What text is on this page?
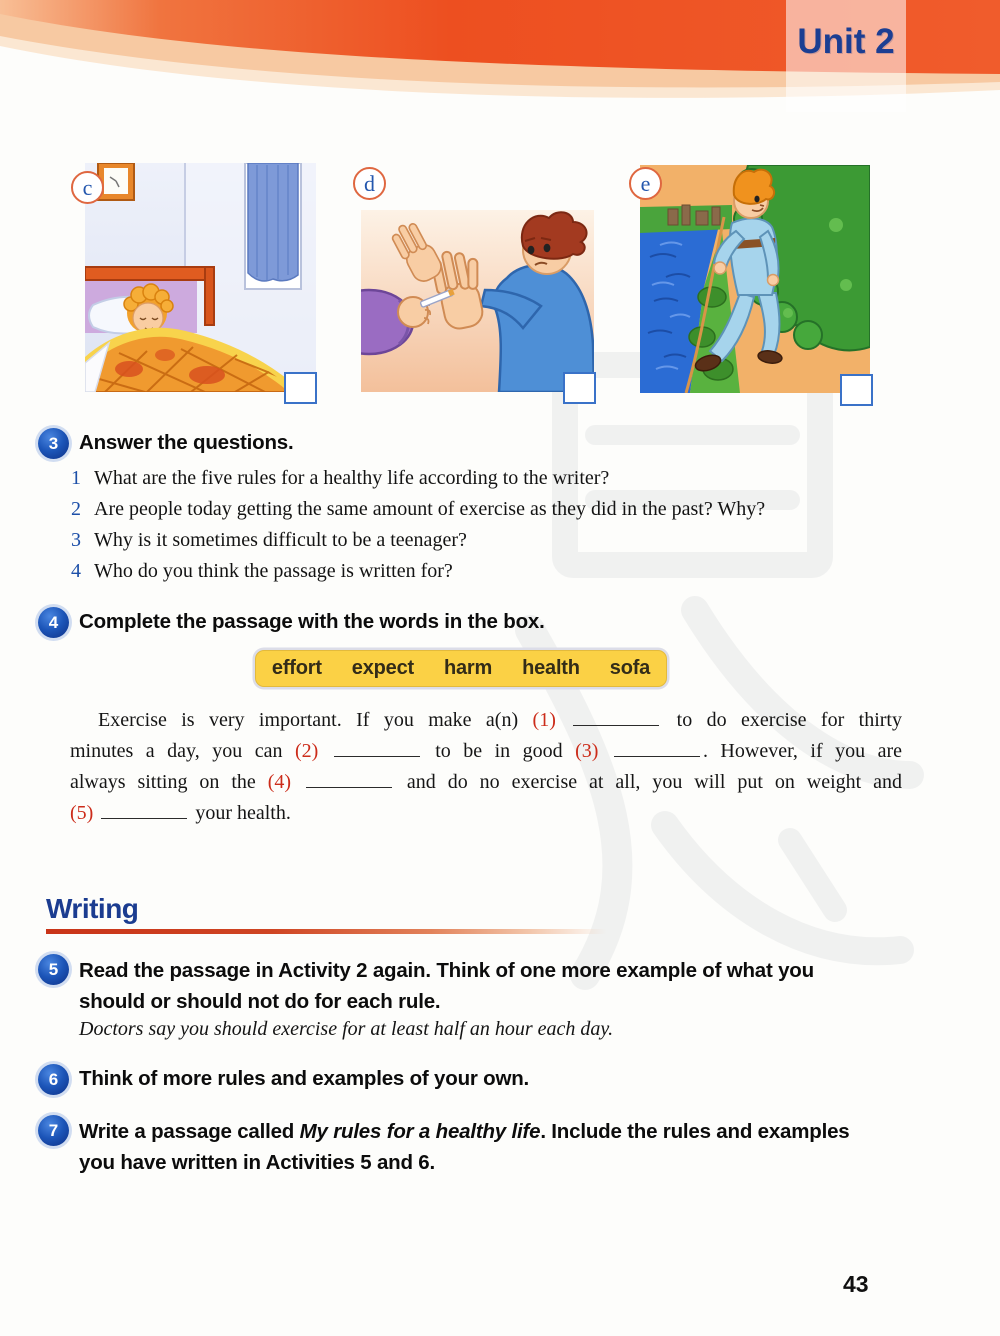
Unit 2
c	d	e
3	Answer the questions.
1 What are the five rules for a healthy life according to the writer?
2 Are people today getting the same amount of exercise as they did in the past? Why?
3 Why is it sometimes difficult to be a teenager?
4 Who do you think the passage is written for?
4	Complete the passage with the words in the box.
effort expect harm health sofa
Exercise is very important. If you make a(n) (1)	to do exercise for thirty
minutes a day, you can (2)	to be in good (3)	. However, if you are
always sitting on the (4)	and do no exercise at all, you will put on weight and
(5)	your health.
Writing
5	Read the passage in Activity 2 again. Think of one more example of what you
should or should not do for each rule.
Doctors say you should exercise for at least half an hour each day.
6	Think of more rules and examples of your own.
7	Write a passage called My rules for a healthy life. Include the rules and examples
you have written in Activities 5 and 6.
43
